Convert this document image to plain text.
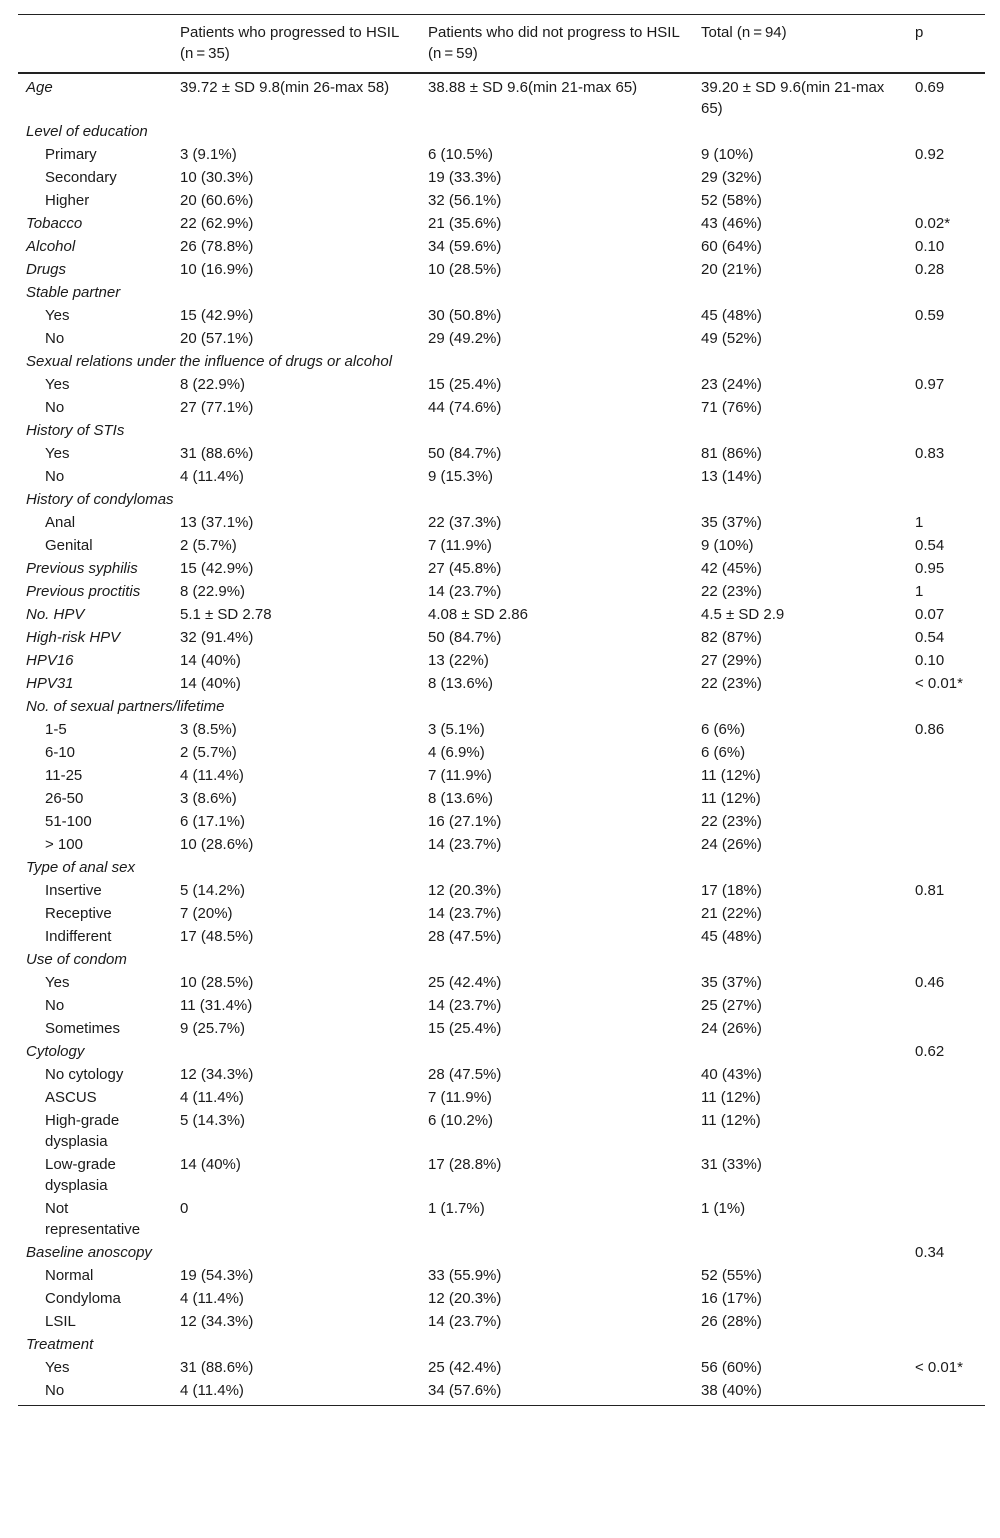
	Patients who progressed to HSIL (n = 35)	Patients who did not progress to HSIL (n = 59)	Total (n = 94)	p
Age	39.72 ± SD 9.8(min 26-max 58)	38.88 ± SD 9.6(min 21-max 65)	39.20 ± SD 9.6(min 21-max 65)	0.69
Level of education				
Primary	3 (9.1%)	6 (10.5%)	9 (10%)	0.92
Secondary	10 (30.3%)	19 (33.3%)	29 (32%)	
Higher	20 (60.6%)	32 (56.1%)	52 (58%)	
Tobacco	22 (62.9%)	21 (35.6%)	43 (46%)	0.02*
Alcohol	26 (78.8%)	34 (59.6%)	60 (64%)	0.10
Drugs	10 (16.9%)	10 (28.5%)	20 (21%)	0.28
Stable partner				
Yes	15 (42.9%)	30 (50.8%)	45 (48%)	0.59
No	20 (57.1%)	29 (49.2%)	49 (52%)	
Sexual relations under the influence of drugs or alcohol				
Yes	8 (22.9%)	15 (25.4%)	23 (24%)	0.97
No	27 (77.1%)	44 (74.6%)	71 (76%)	
History of STIs				
Yes	31 (88.6%)	50 (84.7%)	81 (86%)	0.83
No	4 (11.4%)	9 (15.3%)	13 (14%)	
History of condylomas				
Anal	13 (37.1%)	22 (37.3%)	35 (37%)	1
Genital	2 (5.7%)	7 (11.9%)	9 (10%)	0.54
Previous syphilis	15 (42.9%)	27 (45.8%)	42 (45%)	0.95
Previous proctitis	8 (22.9%)	14 (23.7%)	22 (23%)	1
No. HPV	5.1 ± SD 2.78	4.08 ± SD 2.86	4.5 ± SD 2.9	0.07
High-risk HPV	32 (91.4%)	50 (84.7%)	82 (87%)	0.54
HPV16	14 (40%)	13 (22%)	27 (29%)	0.10
HPV31	14 (40%)	8 (13.6%)	22 (23%)	< 0.01*
No. of sexual partners/lifetime				
1-5	3 (8.5%)	3 (5.1%)	6 (6%)	0.86
6-10	2 (5.7%)	4 (6.9%)	6 (6%)	
11-25	4 (11.4%)	7 (11.9%)	11 (12%)	
26-50	3 (8.6%)	8 (13.6%)	11 (12%)	
51-100	6 (17.1%)	16 (27.1%)	22 (23%)	
> 100	10 (28.6%)	14 (23.7%)	24 (26%)	
Type of anal sex				
Insertive	5 (14.2%)	12 (20.3%)	17 (18%)	0.81
Receptive	7 (20%)	14 (23.7%)	21 (22%)	
Indifferent	17 (48.5%)	28 (47.5%)	45 (48%)	
Use of condom				
Yes	10 (28.5%)	25 (42.4%)	35 (37%)	0.46
No	11 (31.4%)	14 (23.7%)	25 (27%)	
Sometimes	9 (25.7%)	15 (25.4%)	24 (26%)	
Cytology				0.62
No cytology	12 (34.3%)	28 (47.5%)	40 (43%)	
ASCUS	4 (11.4%)	7 (11.9%)	11 (12%)	
High-grade dysplasia	5 (14.3%)	6 (10.2%)	11 (12%)	
Low-grade dysplasia	14 (40%)	17 (28.8%)	31 (33%)	
Not representative	0	1 (1.7%)	1 (1%)	
Baseline anoscopy				0.34
Normal	19 (54.3%)	33 (55.9%)	52 (55%)	
Condyloma	4 (11.4%)	12 (20.3%)	16 (17%)	
LSIL	12 (34.3%)	14 (23.7%)	26 (28%)	
Treatment				
Yes	31 (88.6%)	25 (42.4%)	56 (60%)	< 0.01*
No	4 (11.4%)	34 (57.6%)	38 (40%)	
